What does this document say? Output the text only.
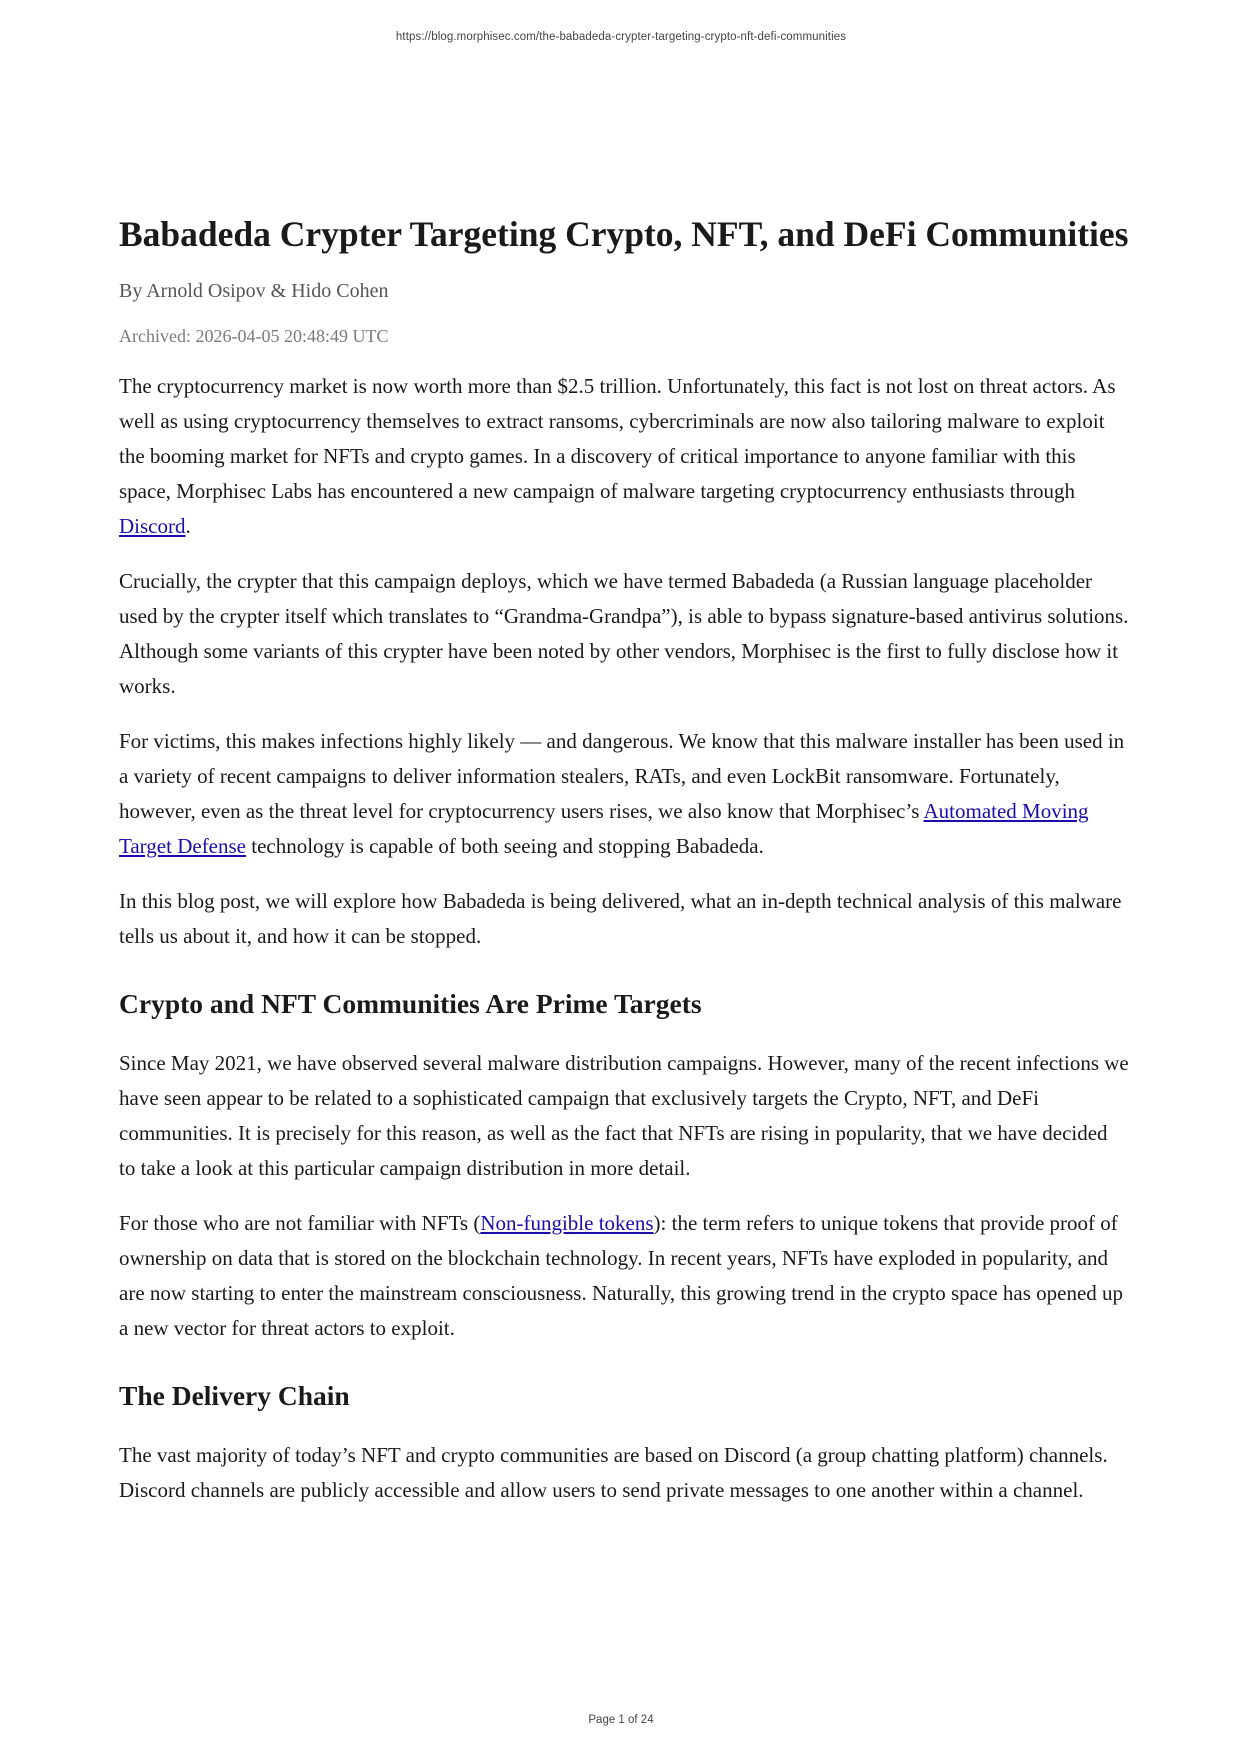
https://blog.morphisec.com/the-babadeda-crypter-targeting-crypto-nft-defi-communities
Babadeda Crypter Targeting Crypto, NFT, and DeFi Communities
By Arnold Osipov & Hido Cohen
Archived: 2026-04-05 20:48:49 UTC

The cryptocurrency market is now worth more than $2.5 trillion. Unfortunately, this fact is not lost on threat actors. As well as using cryptocurrency themselves to extract ransoms, cybercriminals are now also tailoring malware to exploit the booming market for NFTs and crypto games. In a discovery of critical importance to anyone familiar with this space, Morphisec Labs has encountered a new campaign of malware targeting cryptocurrency enthusiasts through Discord.

Crucially, the crypter that this campaign deploys, which we have termed Babadeda (a Russian language placeholder used by the crypter itself which translates to “Grandma-Grandpa”), is able to bypass signature-based antivirus solutions. Although some variants of this crypter have been noted by other vendors, Morphisec is the first to fully disclose how it works.

For victims, this makes infections highly likely — and dangerous. We know that this malware installer has been used in a variety of recent campaigns to deliver information stealers, RATs, and even LockBit ransomware. Fortunately, however, even as the threat level for cryptocurrency users rises, we also know that Morphisec’s Automated Moving Target Defense technology is capable of both seeing and stopping Babadeda.

In this blog post, we will explore how Babadeda is being delivered, what an in-depth technical analysis of this malware tells us about it, and how it can be stopped.

Crypto and NFT Communities Are Prime Targets

Since May 2021, we have observed several malware distribution campaigns. However, many of the recent infections we have seen appear to be related to a sophisticated campaign that exclusively targets the Crypto, NFT, and DeFi communities. It is precisely for this reason, as well as the fact that NFTs are rising in popularity, that we have decided to take a look at this particular campaign distribution in more detail.

For those who are not familiar with NFTs (Non-fungible tokens): the term refers to unique tokens that provide proof of ownership on data that is stored on the blockchain technology. In recent years, NFTs have exploded in popularity, and are now starting to enter the mainstream consciousness. Naturally, this growing trend in the crypto space has opened up a new vector for threat actors to exploit.

The Delivery Chain

The vast majority of today’s NFT and crypto communities are based on Discord (a group chatting platform) channels. Discord channels are publicly accessible and allow users to send private messages to one another within a channel.

Page 1 of 24
